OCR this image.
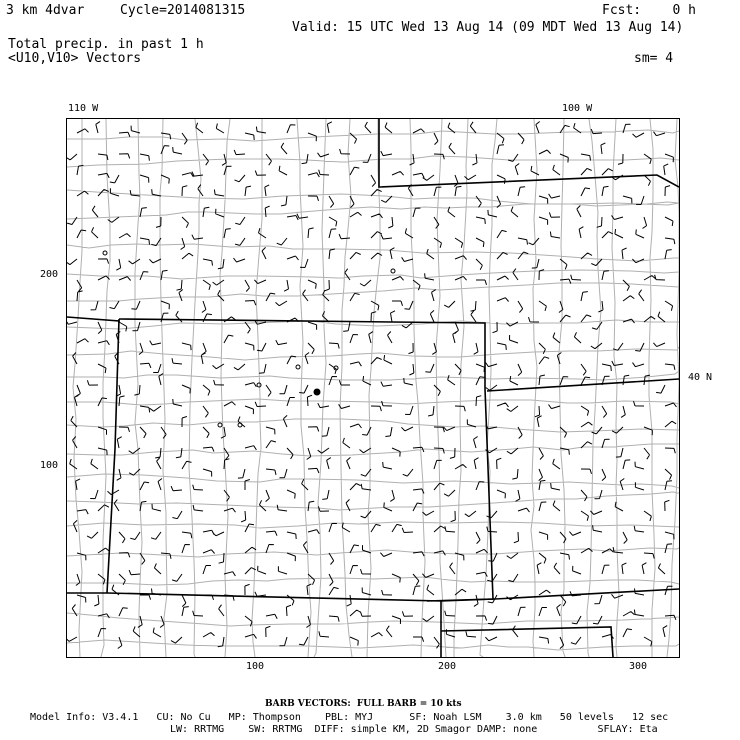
3 km 4dvar	Cycle=2014081315	Fcst:    0 h
Valid: 15 UTC Wed 13 Aug 14 (09 MDT Wed 13 Aug 14)
Total precip. in past 1 h
<U10,V10> Vectors	sm= 4
110 W	100 W
40 N
100	200	300
200
100
BARB VECTORS:  FULL BARB = 10 kts
Model Info: V3.4.1   CU: No Cu   MP: Thompson    PBL: MYJ      SF: Noah LSM    3.0 km   50 levels   12 sec
LW: RRTMG    SW: RRTMG  DIFF: simple KM, 2D Smagor DAMP: none          SFLAY: Eta
